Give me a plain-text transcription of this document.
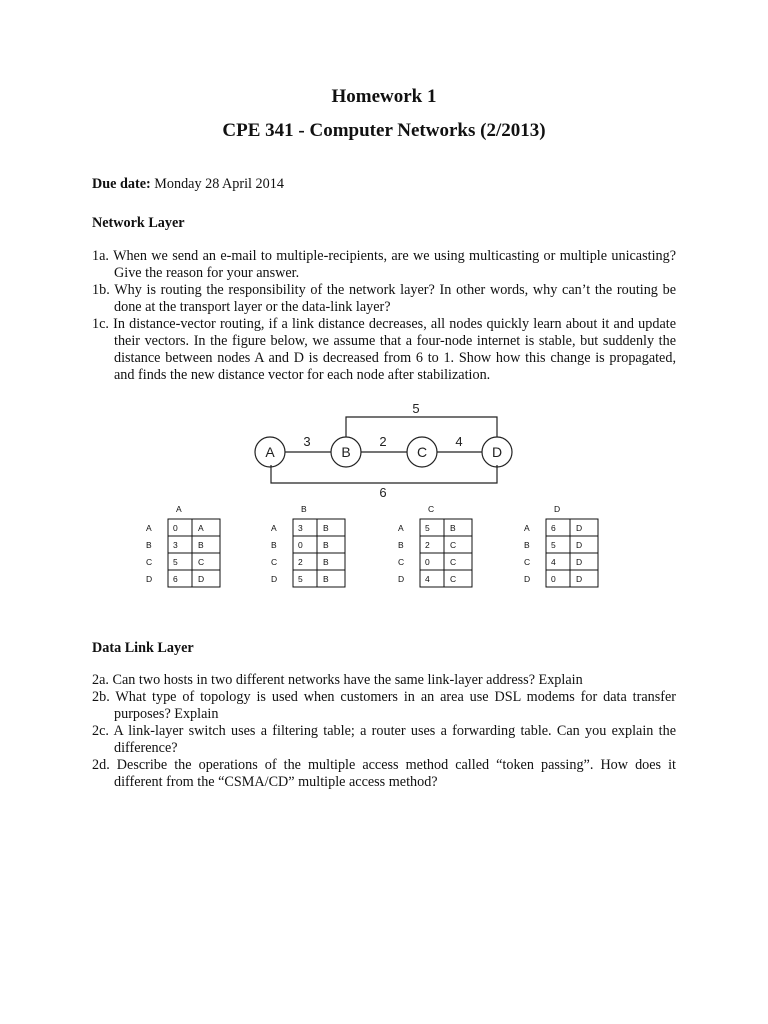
Homework 1
CPE 341 - Computer Networks (2/2013)
Due date: Monday 28 April 2014
Network Layer
1a. When we send an e-mail to multiple-recipients, are we using multicasting or multiple unicasting? Give the reason for your answer.
1b. Why is routing the responsibility of the network layer? In other words, why can’t the routing be done at the transport layer or the data-link layer?
1c. In distance-vector routing, if a link distance decreases, all nodes quickly learn about it and update their vectors. In the figure below, we assume that a four-node internet is stable, but suddenly the distance between nodes A and D is decreased from 6 to 1. Show how this change is propagated, and finds the new distance vector for each node after stabilization.
A	B	C	D
3	2	4
5
6
A
A	0 A
B	3 B
C 5 C
D 6 D
B
A	3 B
B	0 B
C 2 B
D 5 B
C
A	5 B
B	2 C
C 0 C
D 4 C
D
A	6 D
B	5 D
C 4 D
D 0 D
Data Link Layer
2a. Can two hosts in two different networks have the same link-layer address? Explain
2b. What type of topology is used when customers in an area use DSL modems for data transfer purposes? Explain
2c. A link-layer switch uses a filtering table; a router uses a forwarding table. Can you explain the difference?
2d. Describe the operations of the multiple access method called “token passing”. How does it different from the “CSMA/CD” multiple access method?
